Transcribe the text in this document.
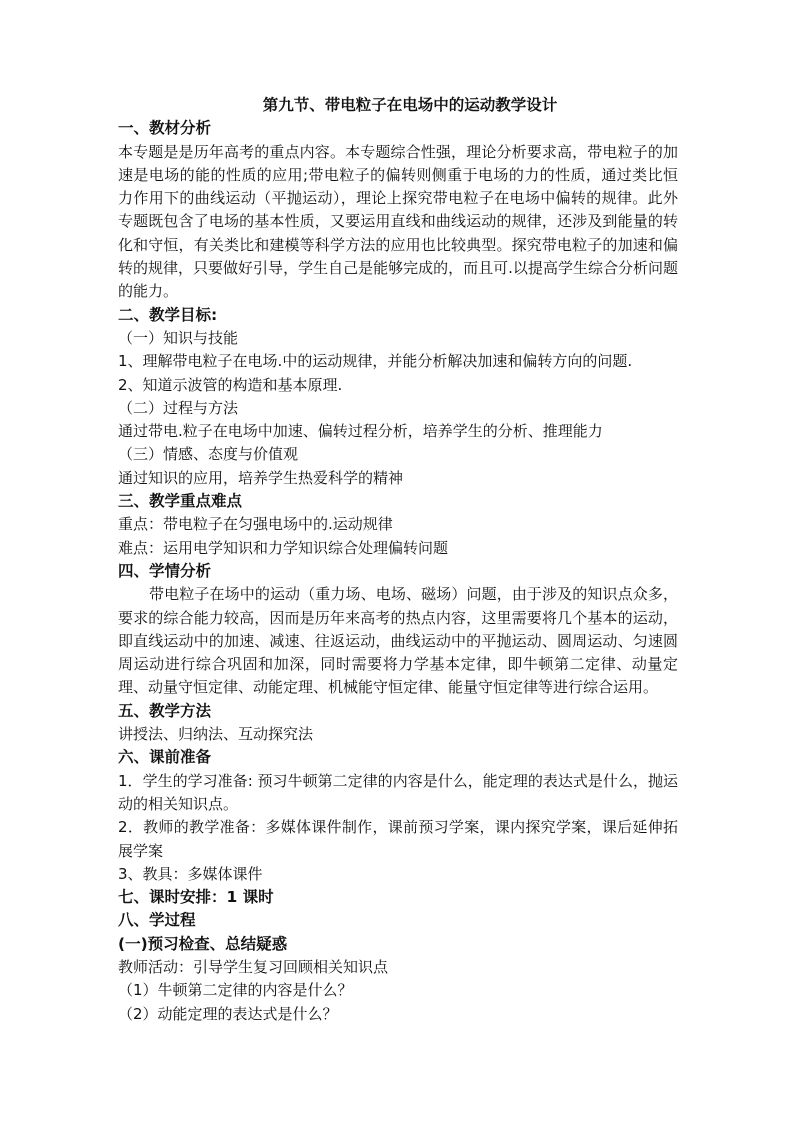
第九节、带电粒子在电场中的运动教学设计
一、教材分析
本专题是是历年高考的重点内容。本专题综合性强，理论分析要求高，带电粒子的加速是电场的能的性质的应用;带电粒子的偏转则侧重于电场的力的性质，通过类比恒力作用下的曲线运动（平抛运动），理论上探究带电粒子在电场中偏转的规律。此外专题既包含了电场的基本性质，又要运用直线和曲线运动的规律，还涉及到能量的转化和守恒，有关类比和建模等科学方法的应用也比较典型。探究带电粒子的加速和偏转的规律，只要做好引导，学生自己是能够完成的，而且可.以提高学生综合分析问题的能力。
二、教学目标:
（一）知识与技能
1、理解带电粒子在电场.中的运动规律，并能分析解决加速和偏转方向的问题.
2、知道示波管的构造和基本原理.
（二）过程与方法
通过带电.粒子在电场中加速、偏转过程分析，培养学生的分析、推理能力
（三）情感、态度与价值观
通过知识的应用，培养学生热爱科学的精神
三、教学重点难点
重点：带电粒子在匀强电场中的.运动规律
难点：运用电学知识和力学知识综合处理偏转问题
四、学情分析
带电粒子在场中的运动（重力场、电场、磁场）问题，由于涉及的知识点众多，要求的综合能力较高，因而是历年来高考的热点内容，这里需要将几个基本的运动，即直线运动中的加速、减速、往返运动，曲线运动中的平抛运动、圆周运动、匀速圆周运动进行综合巩固和加深，同时需要将力学基本定律，即牛顿第二定律、动量定理、动量守恒定律、动能定理、机械能守恒定律、能量守恒定律等进行综合运用。
五、教学方法
讲授法、归纳法、互动探究法
六、课前准备
1．学生的学习准备: 预习牛顿第二定律的内容是什么，能定理的表达式是什么，抛运动的相关知识点。
2．教师的教学准备：多媒体课件制作，课前预习学案，课内探究学案，课后延伸拓展学案
3、教具：多媒体课件
七、课时安排：1 课时
八、学过程
(一)预习检查、总结疑惑
教师活动：引导学生复习回顾相关知识点
（1）牛顿第二定律的内容是什么？
（2）动能定理的表达式是什么？
